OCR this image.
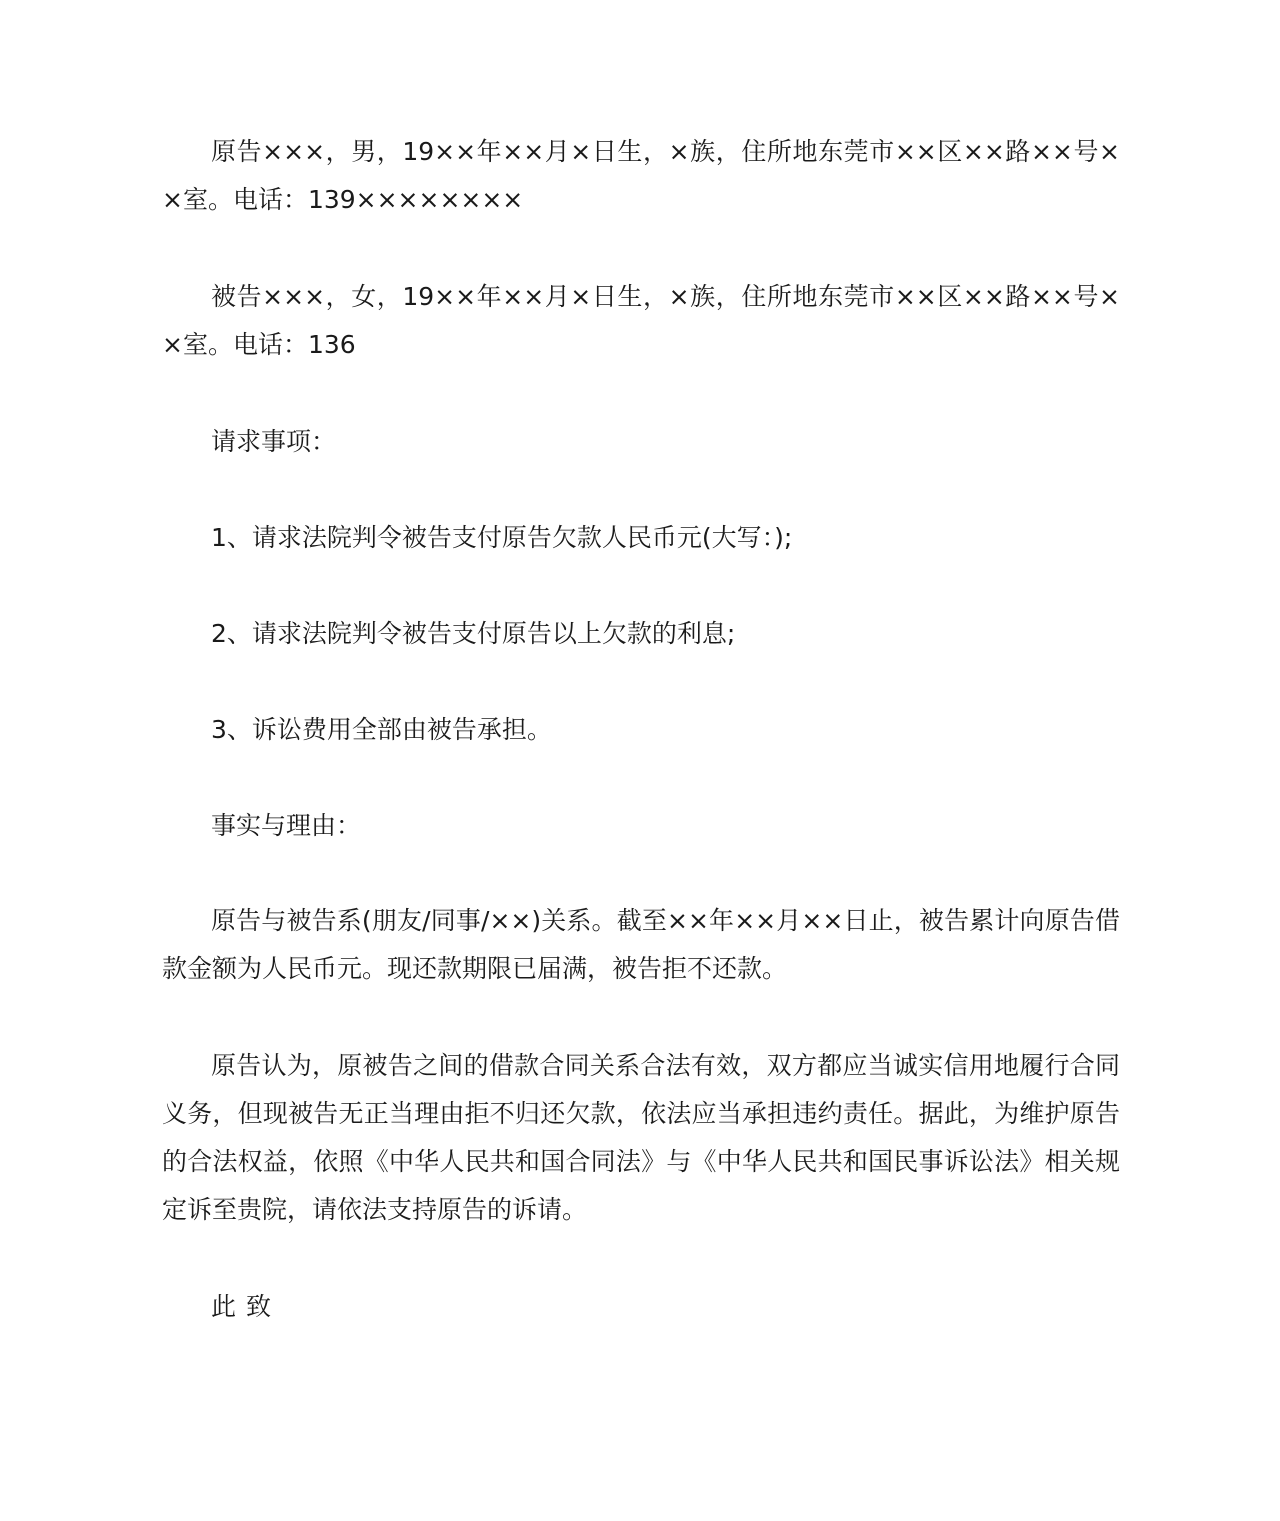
原告×××，男，19××年××月×日生，×族，住所地东莞市××区××路××号××室。电话：139××××××××

被告×××，女，19××年××月×日生，×族，住所地东莞市××区××路××号××室。电话：136

请求事项：

1、请求法院判令被告支付原告欠款人民币元(大写：);

2、请求法院判令被告支付原告以上欠款的利息;

3、诉讼费用全部由被告承担。

事实与理由：

原告与被告系(朋友/同事/××)关系。截至××年××月××日止，被告累计向原告借款金额为人民币元。现还款期限已届满，被告拒不还款。

原告认为，原被告之间的借款合同关系合法有效，双方都应当诚实信用地履行合同义务，但现被告无正当理由拒不归还欠款，依法应当承担违约责任。据此，为维护原告的合法权益，依照《中华人民共和国合同法》与《中华人民共和国民事诉讼法》相关规定诉至贵院，请依法支持原告的诉请。

此致
